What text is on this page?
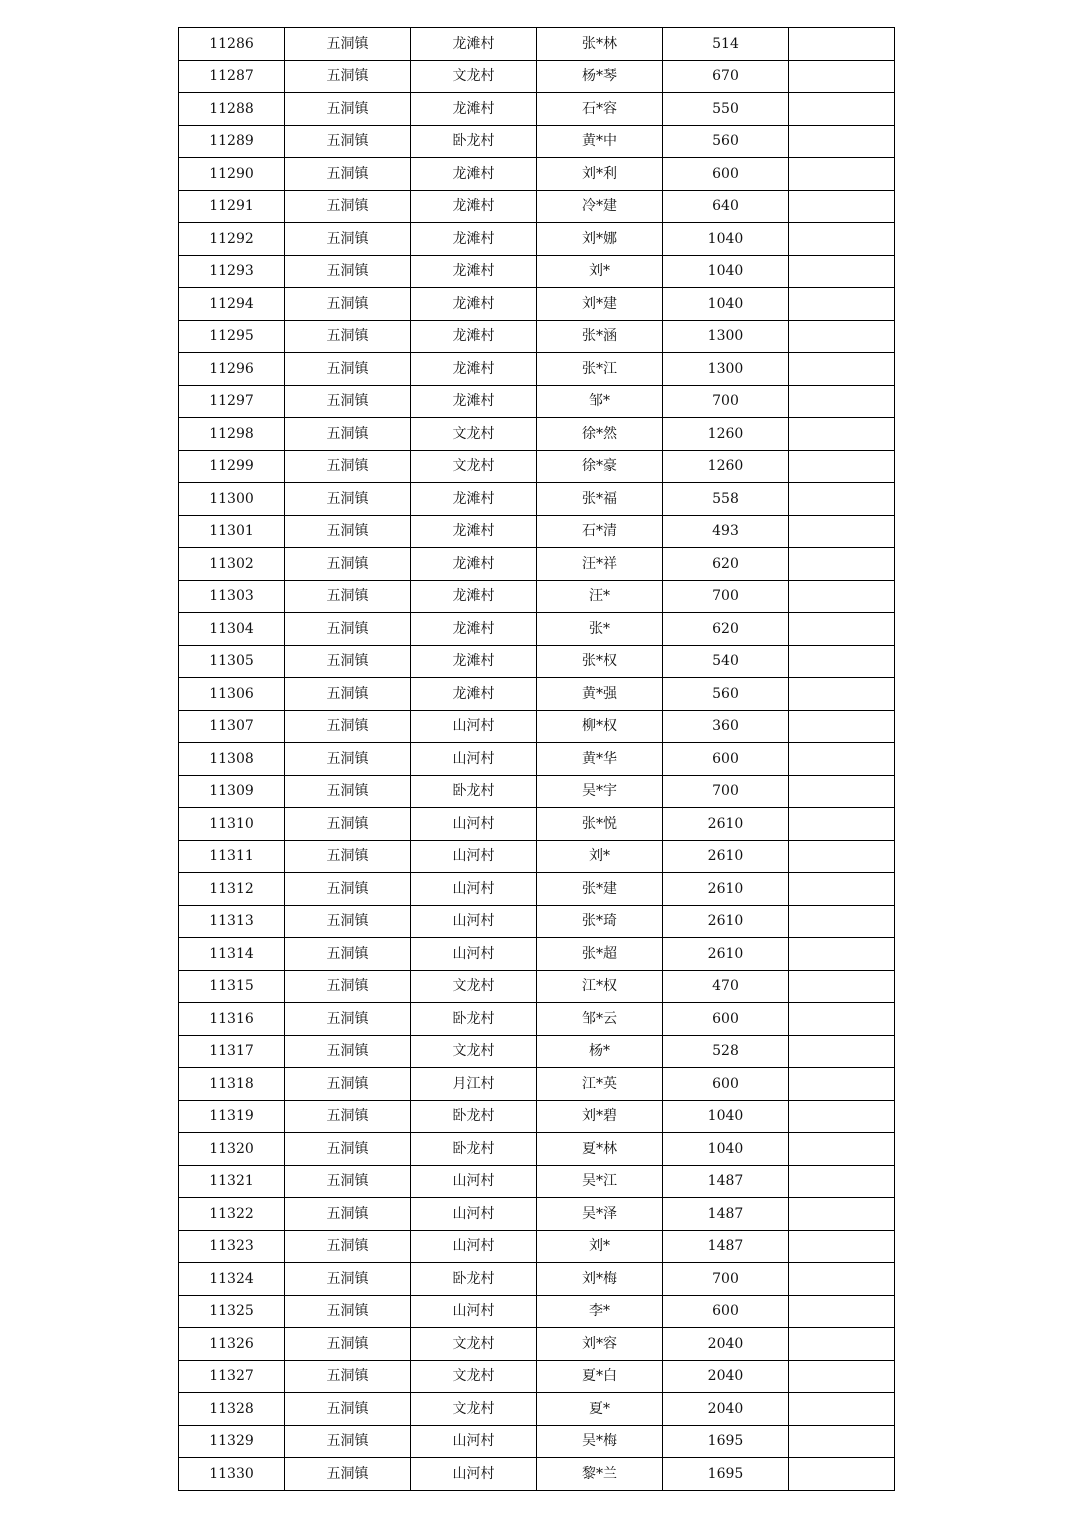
11286	五洞镇	龙滩村	张*林	514	
11287	五洞镇	文龙村	杨*琴	670	
11288	五洞镇	龙滩村	石*容	550	
11289	五洞镇	卧龙村	黄*中	560	
11290	五洞镇	龙滩村	刘*利	600	
11291	五洞镇	龙滩村	冷*建	640	
11292	五洞镇	龙滩村	刘*娜	1040	
11293	五洞镇	龙滩村	刘*	1040	
11294	五洞镇	龙滩村	刘*建	1040	
11295	五洞镇	龙滩村	张*涵	1300	
11296	五洞镇	龙滩村	张*江	1300	
11297	五洞镇	龙滩村	邹*	700	
11298	五洞镇	文龙村	徐*然	1260	
11299	五洞镇	文龙村	徐*豪	1260	
11300	五洞镇	龙滩村	张*福	558	
11301	五洞镇	龙滩村	石*清	493	
11302	五洞镇	龙滩村	汪*祥	620	
11303	五洞镇	龙滩村	汪*	700	
11304	五洞镇	龙滩村	张*	620	
11305	五洞镇	龙滩村	张*权	540	
11306	五洞镇	龙滩村	黄*强	560	
11307	五洞镇	山河村	柳*权	360	
11308	五洞镇	山河村	黄*华	600	
11309	五洞镇	卧龙村	吴*宇	700	
11310	五洞镇	山河村	张*悦	2610	
11311	五洞镇	山河村	刘*	2610	
11312	五洞镇	山河村	张*建	2610	
11313	五洞镇	山河村	张*琦	2610	
11314	五洞镇	山河村	张*超	2610	
11315	五洞镇	文龙村	江*权	470	
11316	五洞镇	卧龙村	邹*云	600	
11317	五洞镇	文龙村	杨*	528	
11318	五洞镇	月江村	江*英	600	
11319	五洞镇	卧龙村	刘*碧	1040	
11320	五洞镇	卧龙村	夏*林	1040	
11321	五洞镇	山河村	吴*江	1487	
11322	五洞镇	山河村	吴*泽	1487	
11323	五洞镇	山河村	刘*	1487	
11324	五洞镇	卧龙村	刘*梅	700	
11325	五洞镇	山河村	李*	600	
11326	五洞镇	文龙村	刘*容	2040	
11327	五洞镇	文龙村	夏*白	2040	
11328	五洞镇	文龙村	夏*	2040	
11329	五洞镇	山河村	吴*梅	1695	
11330	五洞镇	山河村	黎*兰	1695	
